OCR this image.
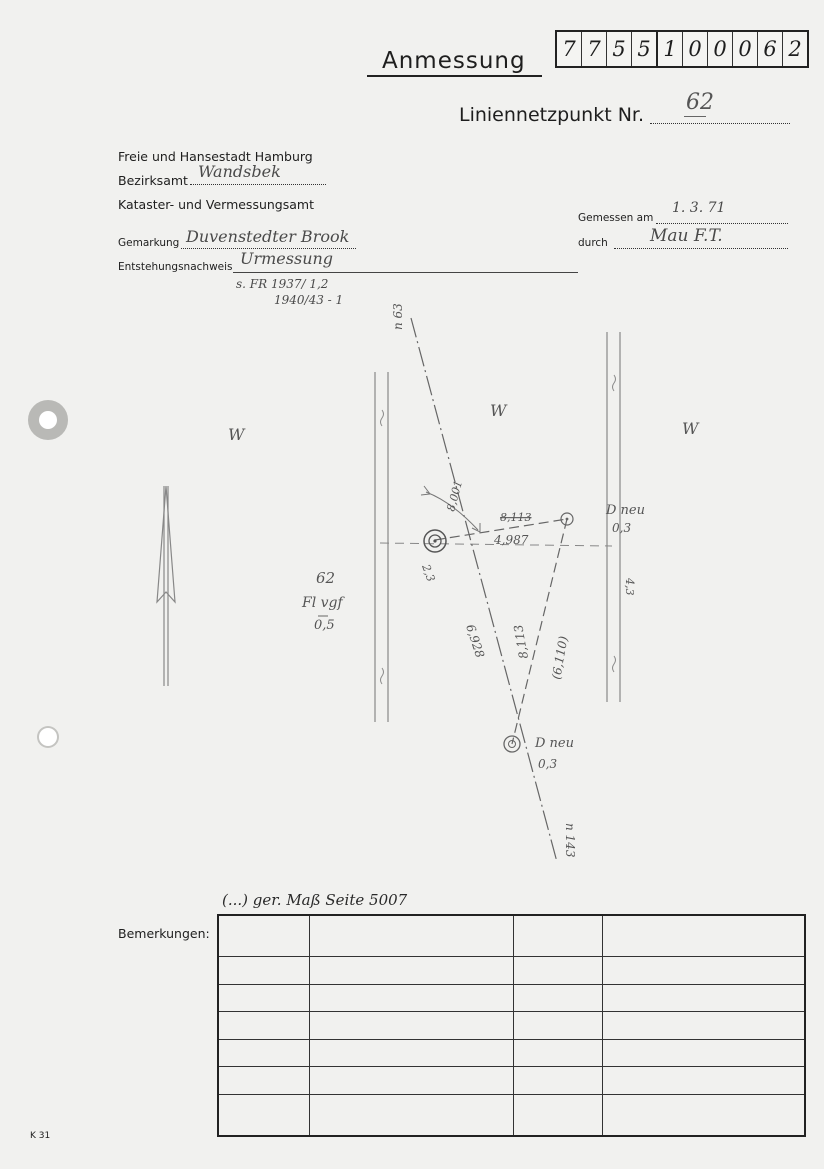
Anmessung 7 7 5 5 1 0 0 0 6 2
Liniennetzpunkt Nr. 62
Freie und Hansestadt Hamburg
Bezirksamt Wandsbek
Kataster- und Vermessungsamt
Gemarkung Duvenstedter Brook
Entstehungsnachweis Urmessung
s. FR 1937/ 1,2
1940/43 - 1
Gemessen am
1. 3. 71
durch Mau F.T.
n 63
n 143
W
W
W
8,001
8,113
4,987
62
Fl vgf
0,5
2,3
6,928 8,113 (6,110)
4,3
D neu
0,3
D neu
0,3
(...) ger. Maß Seite 5007
Bemerkungen:

K 31
